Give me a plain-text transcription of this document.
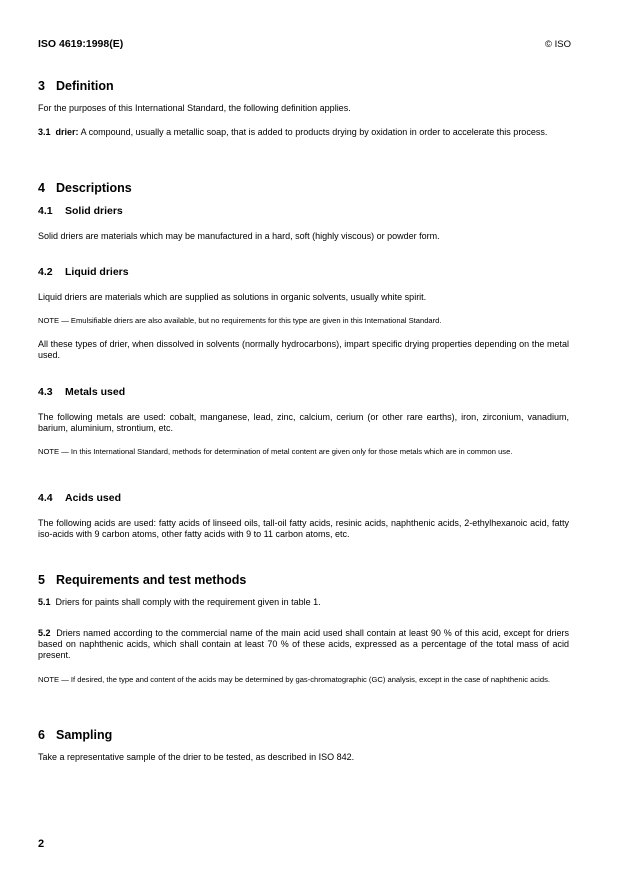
ISO 4619:1998(E)	© ISO
3 Definition

For the purposes of this International Standard, the following definition applies.

3.1 drier: A compound, usually a metallic soap, that is added to products drying by oxidation in order to accelerate this process.

4 Descriptions
4.1 Solid driers

Solid driers are materials which may be manufactured in a hard, soft (highly viscous) or powder form.

4.2 Liquid driers

Liquid driers are materials which are supplied as solutions in organic solvents, usually white spirit.

NOTE — Emulsifiable driers are also available, but no requirements for this type are given in this International Standard.

All these types of drier, when dissolved in solvents (normally hydrocarbons), impart specific drying properties depending on the metal used.

4.3 Metals used

The following metals are used: cobalt, manganese, lead, zinc, calcium, cerium (or other rare earths), iron, zirconium, vanadium, barium, aluminium, strontium, etc.

NOTE — In this International Standard, methods for determination of metal content are given only for those metals which are in common use.

4.4 Acids used

The following acids are used: fatty acids of linseed oils, tall-oil fatty acids, resinic acids, naphthenic acids, 2-ethylhexanoic acid, fatty iso-acids with 9 carbon atoms, other fatty acids with 9 to 11 carbon atoms, etc.

5 Requirements and test methods

5.1 Driers for paints shall comply with the requirement given in table 1.

5.2 Driers named according to the commercial name of the main acid used shall contain at least 90 % of this acid, except for driers based on naphthenic acids, which shall contain at least 70 % of these acids, expressed as a percentage of the total mass of acid present.

NOTE — If desired, the type and content of the acids may be determined by gas-chromatographic (GC) analysis, except in the case of naphthenic acids.

6 Sampling

Take a representative sample of the drier to be tested, as described in ISO 842.

2
